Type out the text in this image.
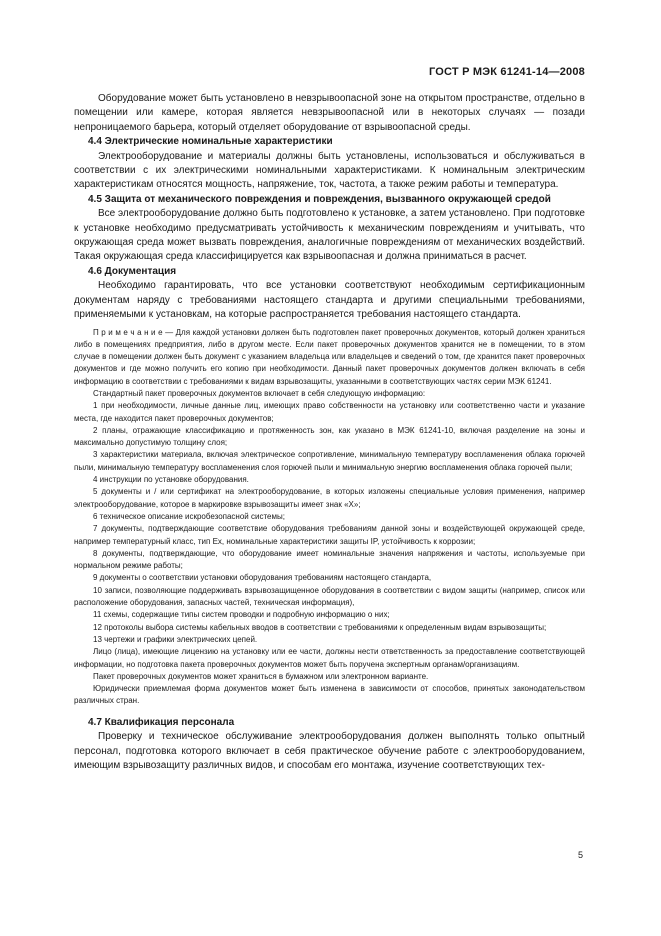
ГОСТ Р МЭК 61241-14—2008

Оборудование может быть установлено в невзрывоопасной зоне на открытом пространстве, отдельно в помещении или камере, которая является невзрывоопасной или в некоторых случаях — позади непроницаемого барьера, который отделяет оборудование от взрывоопасной среды.

4.4 Электрические номинальные характеристики

Электрооборудование и материалы должны быть установлены, использоваться и обслуживаться в соответствии с их электрическими номинальными характеристиками. К номинальным электрическим характеристикам относятся мощность, напряжение, ток, частота, а также режим работы и температура.

4.5 Защита от механического повреждения и повреждения, вызванного окружающей средой

Все электрооборудование должно быть подготовлено к установке, а затем установлено. При подготовке к установке необходимо предусматривать устойчивость к механическим повреждениям и учитывать, что окружающая среда может вызвать повреждения, аналогичные повреждениям от механических воздействий. Такая окружающая среда классифицируется как взрывоопасная и должна приниматься в расчет.

4.6 Документация

Необходимо гарантировать, что все установки соответствуют необходимым сертификационным документам наряду с требованиями настоящего стандарта и другими специальными требованиями, применяемыми к установкам, на которые распространяется требования настоящего стандарта.

П р и м е ч а н и е — Для каждой установки должен быть подготовлен пакет проверочных документов, который должен храниться либо в помещениях предприятия, либо в другом месте. Если пакет проверочных документов хранится не в помещении, то в этом случае в помещении должен быть документ с указанием владельца или владельцев и сведений о том, где хранится пакет проверочных документов и где можно получить его копию при необходимости. Данный пакет проверочных документов должен включать в себя информацию в соответствии с требованиями к видам взрывозащиты, указанными в соответствующих частях серии МЭК 61241.

Стандартный пакет проверочных документов включает в себя следующую информацию:

1 при необходимости, личные данные лиц, имеющих право собственности на установку или соответственно части и указание места, где находится пакет проверочных документов;

2 планы, отражающие классификацию и протяженность зон, как указано в МЭК 61241-10, включая разделение на зоны и максимально допустимую толщину слоя;

3 характеристики материала, включая электрическое сопротивление, минимальную температуру воспламенения облака горючей пыли, минимальную температуру воспламенения слоя горючей пыли и минимальную энергию воспламенения облака горючей пыли;

4 инструкции по установке оборудования.

5 документы и / или сертификат на электрооборудование, в которых изложены специальные условия применения, например электрооборудование, которое в маркировке взрывозащиты имеет знак «X»;

6 техническое описание искробезопасной системы;

7 документы, подтверждающие соответствие оборудования требованиям данной зоны и воздействующей окружающей среде, например температурный класс, тип Ex, номинальные характеристики защиты IP, устойчивость к коррозии;

8 документы, подтверждающие, что оборудование имеет номинальные значения напряжения и частоты, используемые при нормальном режиме работы;

9 документы о соответствии установки оборудования требованиям настоящего стандарта,

10 записи, позволяющие поддерживать взрывозащищенное оборудования в соответствии с видом защиты (например, список или расположение оборудования, запасных частей, техническая информация),

11 схемы, содержащие типы систем проводки и подробную информацию о них;

12 протоколы выбора системы кабельных вводов в соответствии с требованиями к определенным видам взрывозащиты;

13 чертежи и графики электрических цепей.

Лицо (лица), имеющие лицензию на установку или ее части, должны нести ответственность за предоставление соответствующей информации, но подготовка пакета проверочных документов может быть поручена экспертным органам/организациям.

Пакет проверочных документов может храниться в бумажном или электронном варианте.

Юридически приемлемая форма документов может быть изменена в зависимости от способов, принятых законодательством различных стран.

4.7 Квалификация персонала

Проверку и техническое обслуживание электрооборудования должен выполнять только опытный персонал, подготовка которого включает в себя практическое обучение работе с электрооборудованием, имеющим взрывозащиту различных видов, и способам его монтажа, изучение соответствующих тех-

5
